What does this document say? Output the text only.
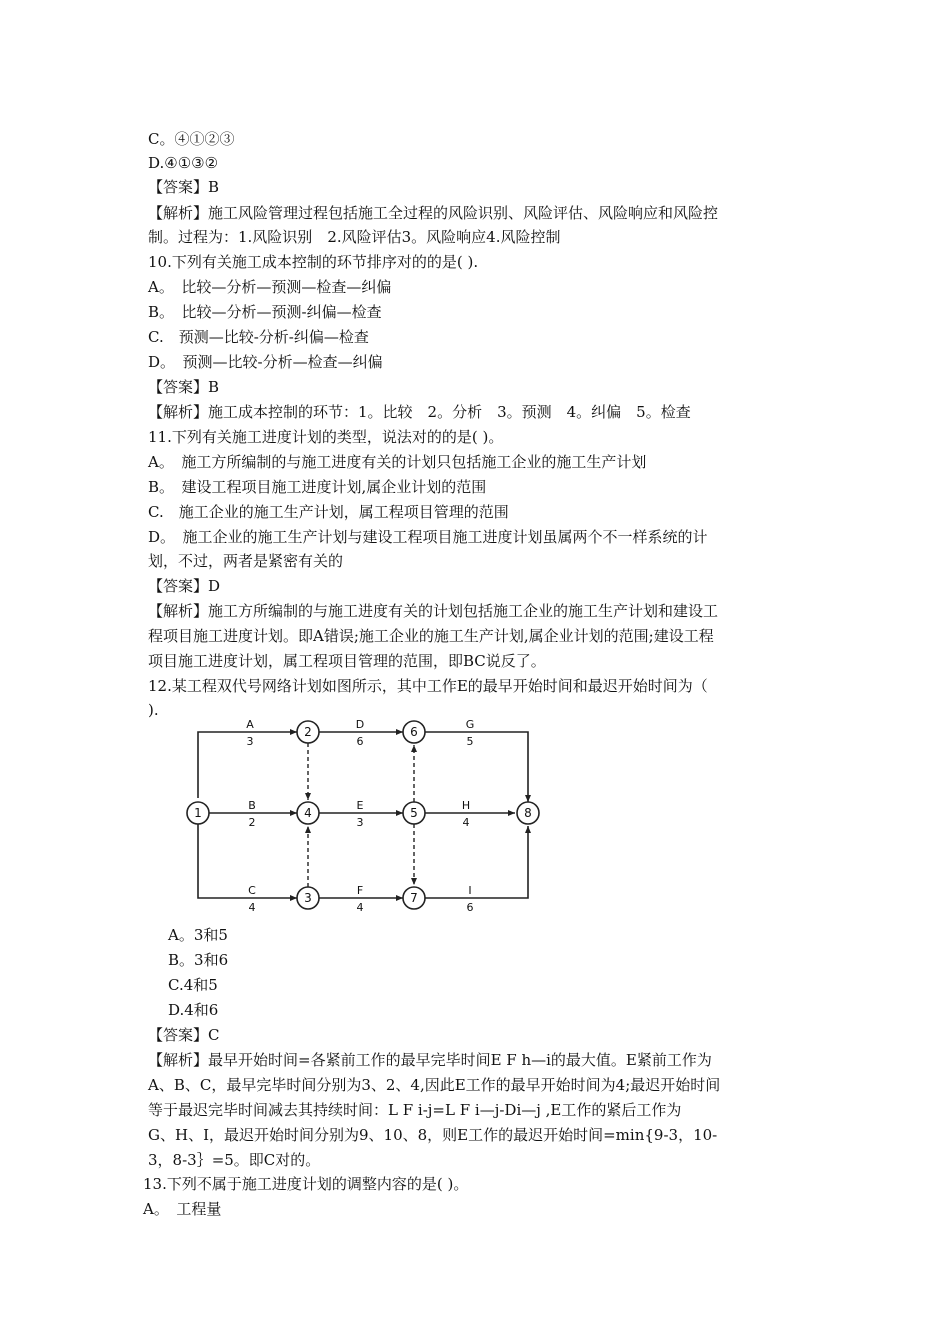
C。④①②③
D.④①③②
【答案】B
【解析】施工风险管理过程包括施工全过程的风险识别、风险评估、风险响应和风险控
制。过程为：1.风险识别　2.风险评估3。风险响应4.风险控制
10.下列有关施工成本控制的环节排序对的的是( ).
A。　比较—分析—预测—检查—纠偏
B。　比较—分析—预测-纠偏—检查
C.　预测—比较-分析-纠偏—检查
D。　预测—比较-分析—检查—纠偏
【答案】B
【解析】施工成本控制的环节：1。比较　2。分析　3。预测　4。纠偏　5。检查
11.下列有关施工进度计划的类型，说法对的的是( )。
A。　施工方所编制的与施工进度有关的计划只包括施工企业的施工生产计划
B。　建设工程项目施工进度计划,属企业计划的范围
C.　施工企业的施工生产计划，属工程项目管理的范围
D。　施工企业的施工生产计划与建设工程项目施工进度计划虽属两个不一样系统的计
划，不过，两者是紧密有关的
【答案】D
【解析】施工方所编制的与施工进度有关的计划包括施工企业的施工生产计划和建设工
程项目施工进度计划。即A错误;施工企业的施工生产计划,属企业计划的范围;建设工程
项目施工进度计划，属工程项目管理的范围，即BC说反了。
12.某工程双代号网络计划如图所示，其中工作E的最早开始时间和最迟开始时间为（
).
1
2
3
4	5
6
7
8
A
3
D
6
G
5
B
2
E
3
H
4
C
4
F
4
I
6
A。3和5
B。3和6
C.4和5
D.4和6
【答案】C
【解析】最早开始时间=各紧前工作的最早完毕时间E F h—i的最大值。E紧前工作为
A、B、C，最早完毕时间分别为3、2、4,因此E工作的最早开始时间为4;最迟开始时间
等于最迟完毕时间减去其持续时间：L F i-j=L F i—j-Di—j ,E工作的紧后工作为
G、H、I，最迟开始时间分别为9、10、8，则E工作的最迟开始时间=min{9-3，10-
3，8-3｝=5。即C对的。
13.下列不属于施工进度计划的调整内容的是( )。
A。　工程量
